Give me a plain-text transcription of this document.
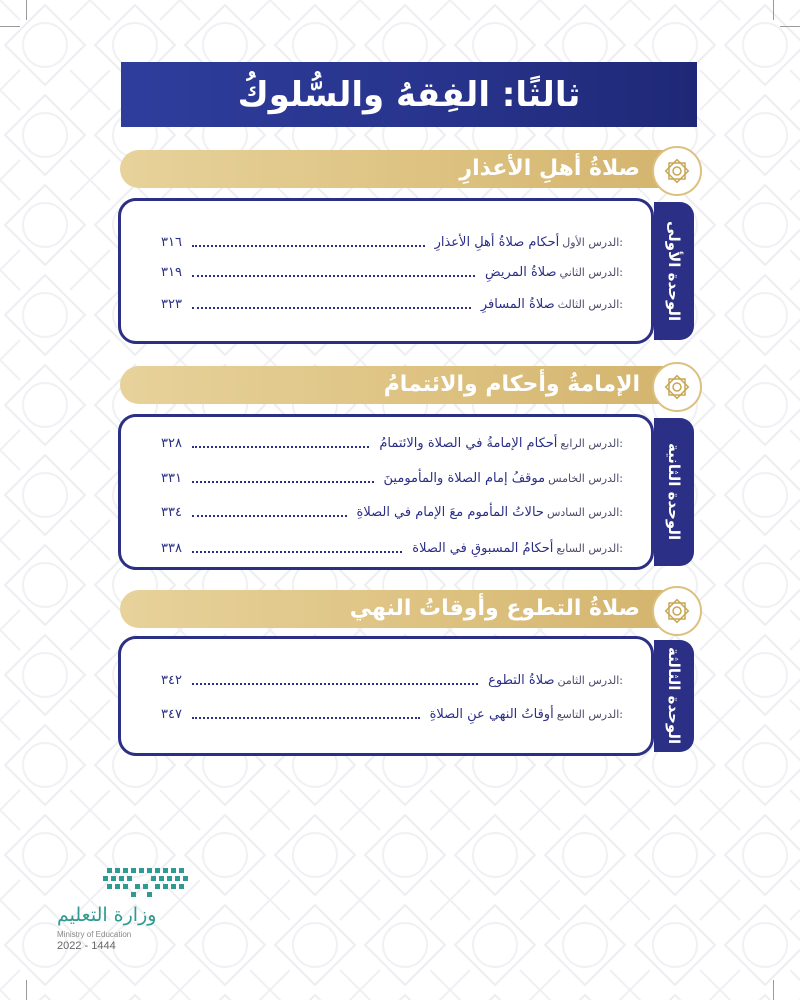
ثالثًا: الفِقهُ والسُّلوكُ
صلاةُ أهلِ الأعذارِ
الدرس الأول:
أحكام صلاةُ أهلِ الأعذارِ
٣١٦
الدرس الثاني:
صلاةُ المريضِ
٣١٩
الدرس الثالث:
صلاةُ المسافرِ
٣٢٣	الوحدة الأولى
الإمامةُ وأحكام والائتمامُ
الدرس الرابع:
أحكام الإمامةُ في الصلاة والائتمامُ
٣٢٨
الدرس الخامس:
موقفُ إمام الصلاة والمأمومينَ
٣٣١
الدرس السادس:
حالاتُ المأموم معَ الإمام في الصلاةِ
٣٣٤
الدرس السابع:
أحكامُ المسبوقِ في الصلاة
٣٣٨
الوحدة الثانية
صلاةُ التطوع وأوقاتُ النهي
الدرس الثامن:
صلاةُ التطوع
٣٤٢
الدرس التاسع:
أوقاتُ النهي عنِ الصلاةِ
٣٤٧	الوحدة الثالثة
وزارة التعليم
Ministry of Education
2022 - 1444
